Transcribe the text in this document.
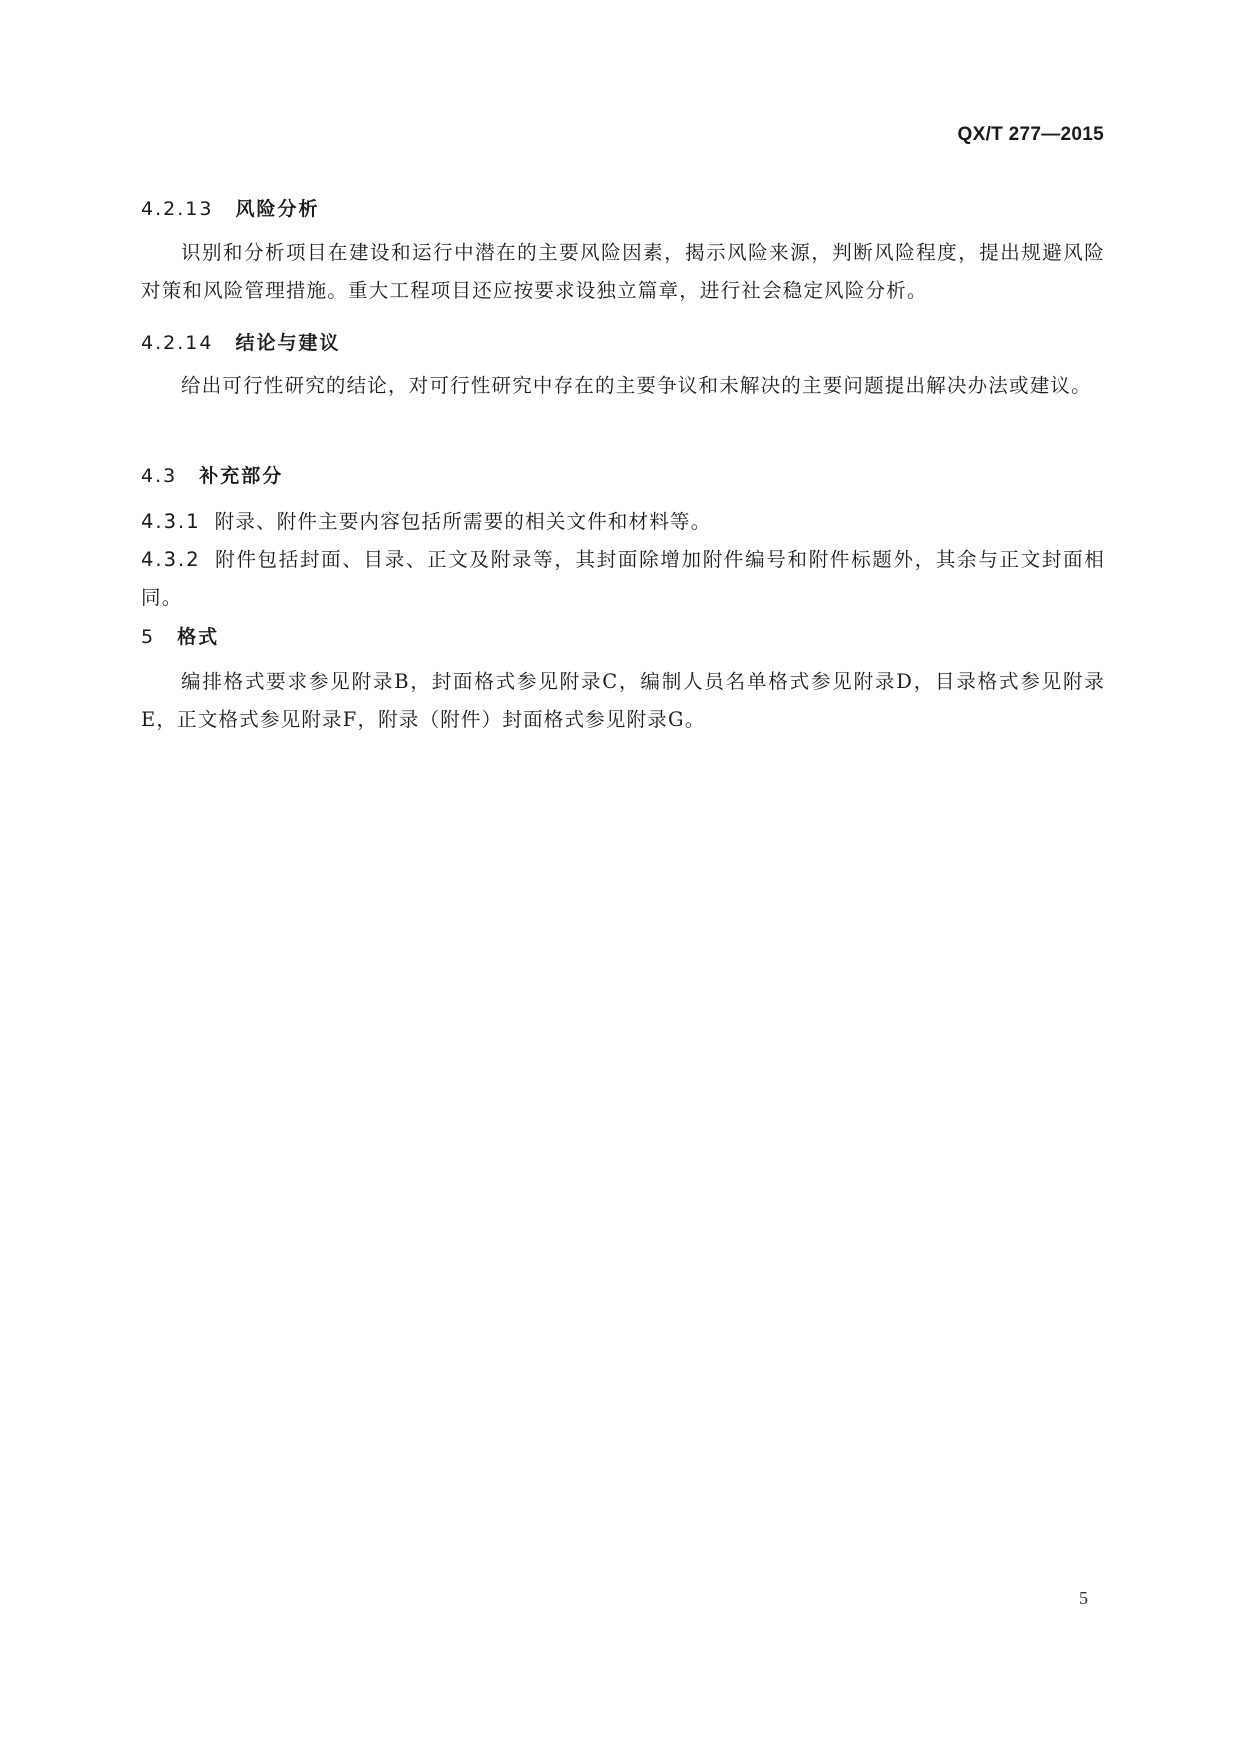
QX/T 277—2015
4.2.13 风险分析

识别和分析项目在建设和运行中潜在的主要风险因素，揭示风险来源，判断风险程度，提出规避风险对策和风险管理措施。重大工程项目还应按要求设独立篇章，进行社会稳定风险分析。

4.2.14 结论与建议

给出可行性研究的结论，对可行性研究中存在的主要争议和未解决的主要问题提出解决办法或建议。

4.3 补充部分

4.3.1 附录、附件主要内容包括所需要的相关文件和材料等。

4.3.2 附件包括封面、目录、正文及附录等，其封面除增加附件编号和附件标题外，其余与正文封面相同。

5 格式

编排格式要求参见附录B，封面格式参见附录C，编制人员名单格式参见附录D，目录格式参见附录E，正文格式参见附录F，附录（附件）封面格式参见附录G。

5
